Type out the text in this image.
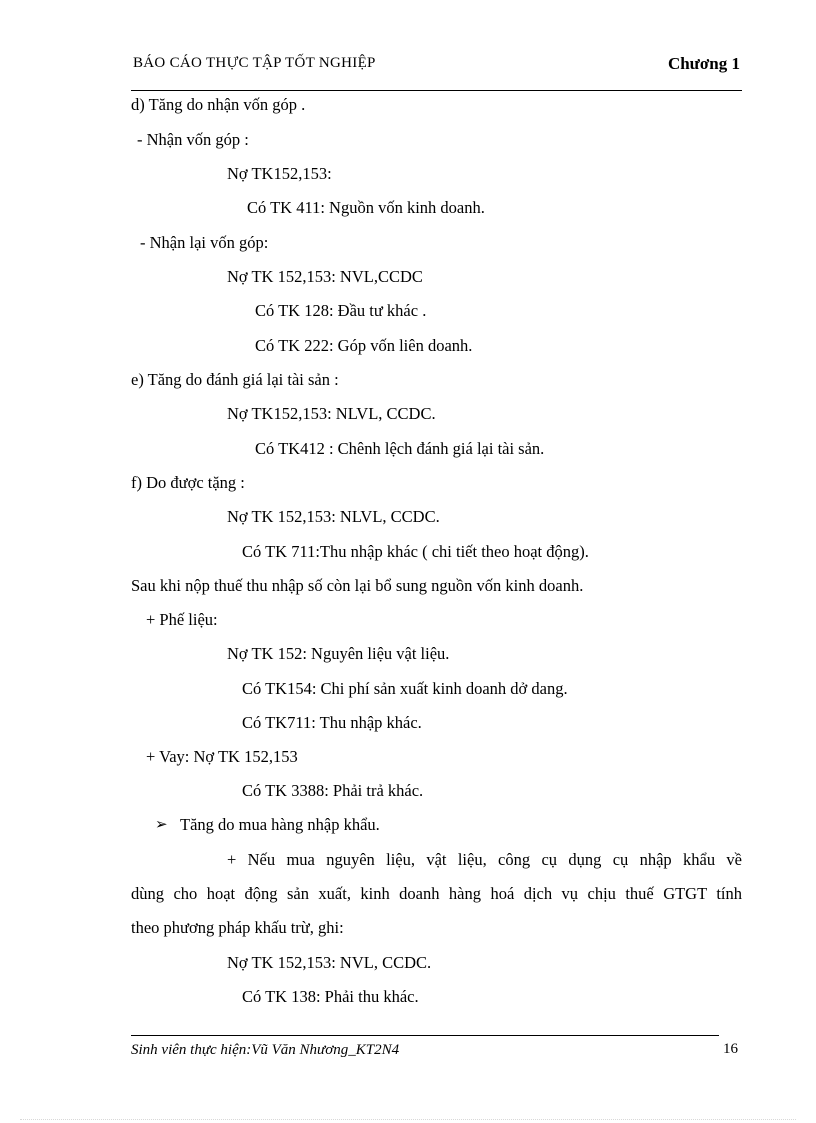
BÁO CÁO THỰC TẬP TỐT NGHIỆP	Chương 1
d) Tăng do nhận vốn góp .
- Nhận vốn góp :
Nợ TK152,153:
Có TK 411: Nguồn vốn kinh doanh.
- Nhận lại vốn góp:
Nợ TK 152,153: NVL,CCDC
Có TK 128: Đầu tư khác .
Có TK 222: Góp vốn liên doanh.
e) Tăng do đánh giá lại tài sản :
Nợ TK152,153: NLVL, CCDC.
Có TK412 : Chênh lệch đánh giá lại tài sản.
f) Do được tặng :
Nợ TK 152,153: NLVL, CCDC.
Có TK 711:Thu nhập khác ( chi tiết theo hoạt động).
Sau khi nộp thuế thu nhập số còn lại bổ sung nguồn vốn kinh doanh.
+ Phế liệu:
Nợ TK 152: Nguyên liệu vật liệu.
Có TK154: Chi phí sản xuất kinh doanh dở dang.
Có TK711: Thu nhập khác.
+ Vay: Nợ TK 152,153
Có TK 3388: Phải trả khác.
➢ Tăng do mua hàng nhập khẩu.
+ Nếu mua nguyên liệu, vật liệu, công cụ dụng cụ nhập khẩu về
dùng cho hoạt động sản xuất, kinh doanh hàng hoá dịch vụ chịu thuế GTGT tính
theo phương pháp khấu trừ, ghi:
Nợ TK 152,153: NVL, CCDC.
Có TK 138: Phải thu khác.
Sinh viên thực hiện:Vũ Văn Nhương_KT2N4	16
